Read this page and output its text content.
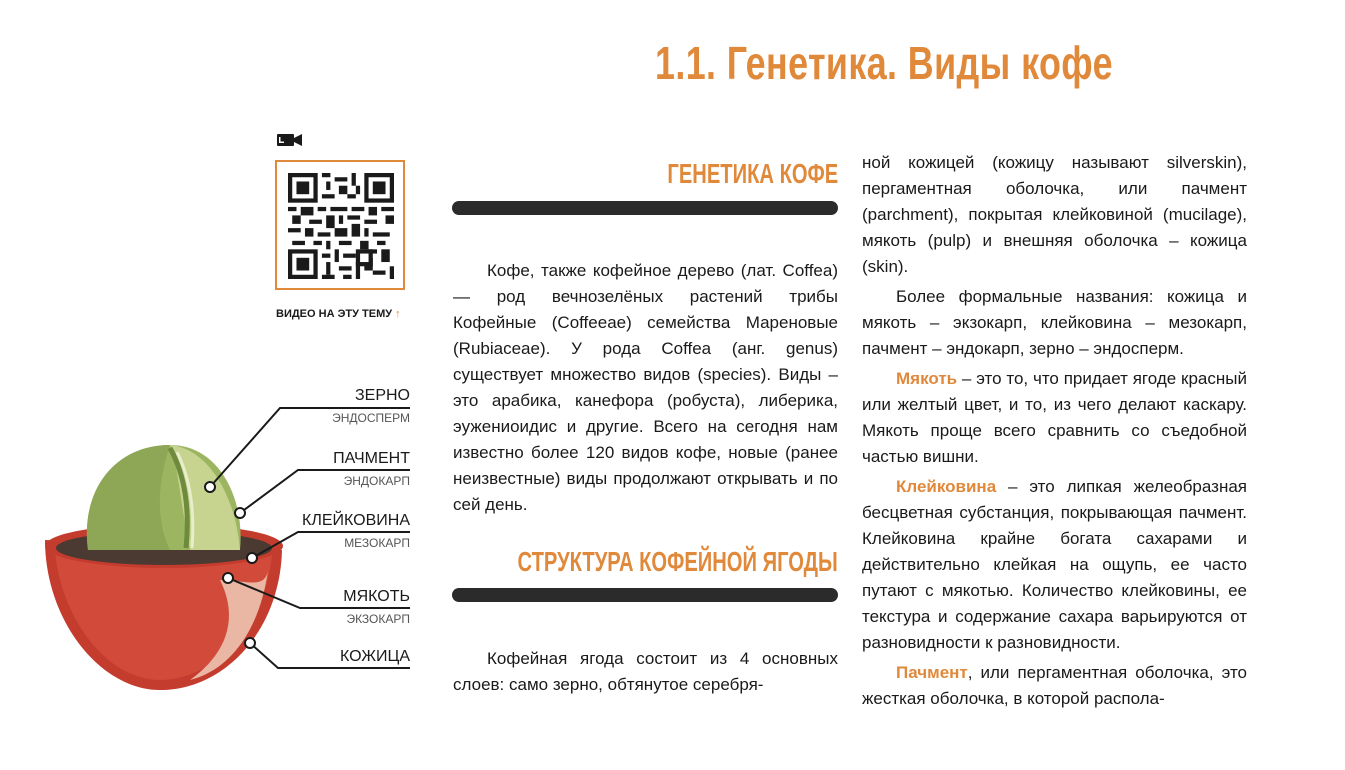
1.1. Генетика. Виды кофе
ВИДЕО НА ЭТУ ТЕМУ ↑
ЗЕРНО
ЭНДОСПЕРМ
ПАЧМЕНТ
ЭНДОКАРП
КЛЕЙКОВИНА
МЕЗОКАРП
МЯКОТЬ
ЭКЗОКАРП
КОЖИЦА
ГЕНЕТИКА КОФЕ

Кофе, также кофейное дерево (лат. Coffea) — род вечнозелёных растений трибы Кофейные (Coffeeae) семейства Мареновые (Rubiaceae). У рода Coffea (анг. genus) существует множество видов (species). Виды – это арабика, канефора (робуста), либерика, эужениоидис и другие. Всего на сегодня нам известно более 120 видов кофе, новые (ранее неизвестные) виды продолжают открывать и по сей день.

СТРУКТУРА КОФЕЙНОЙ ЯГОДЫ

Кофейная ягода состоит из 4 основных слоев: само зерно, обтянутое серебря-

ной кожицей (кожицу называют silverskin), пергаментная оболочка, или пачмент (parchment), покрытая клейковиной (mucilage), мякоть (pulp) и внешняя оболочка – кожица (skin).

Более формальные названия: кожица и мякоть – экзокарп, клейковина – мезокарп, пачмент – эндокарп, зерно – эндосперм.

Мякоть – это то, что придает ягоде красный или желтый цвет, и то, из чего делают каскару. Мякоть проще всего сравнить со съедобной частью вишни.

Клейковина – это липкая желеобразная бесцветная субстанция, покрывающая пачмент. Клейковина крайне богата сахарами и действительно клейкая на ощупь, ее часто путают с мякотью. Количество клейковины, ее текстура и содержание сахара варьируются от разновидности к разновидности.

Пачмент, или пергаментная оболочка, это жесткая оболочка, в которой распола-
